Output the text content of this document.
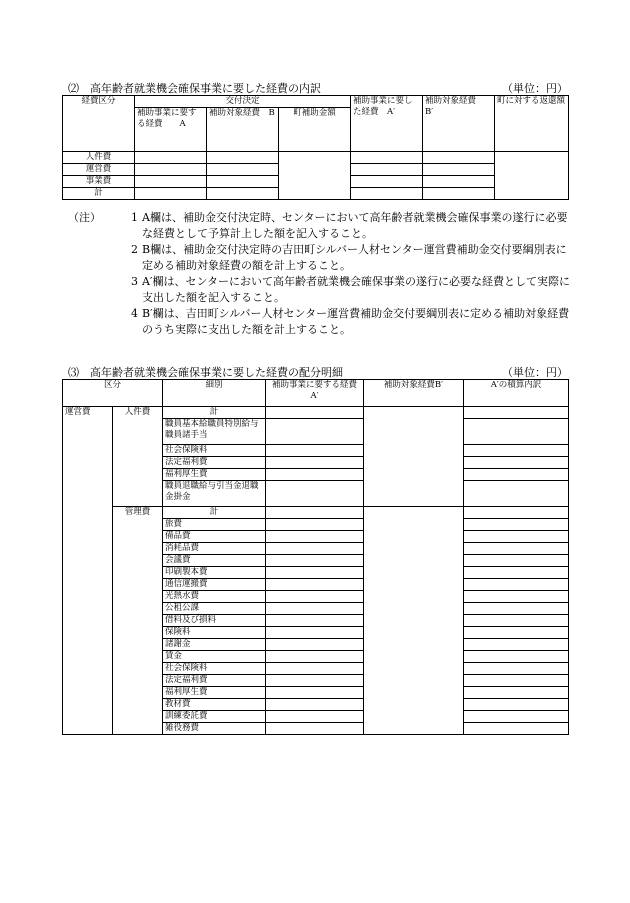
⑵　高年齢者就業機会確保事業に要した経費の内訳	（単位：円）
経費区分	交付決定			補助事業に要した経費　A′	補助対象経費　B′	町に対する返還額
	補助事業に要する経費　　A	補助対象経費　B	町補助金額			
人件費						
運営費						
事業費						
計						
（注）	1 A欄は、補助金交付決定時、センターにおいて高年齢者就業機会確保事業の遂行に必要な経費として予算計上した額を記入すること。
2 B欄は、補助金交付決定時の吉田町シルバー人材センター運営費補助金交付要綱別表に定める補助対象経費の額を計上すること。
3 A′欄は、センターにおいて高年齢者就業機会確保事業の遂行に必要な経費として実際に支出した額を記入すること。
4 B′欄は、吉田町シルバー人材センター運営費補助金交付要綱別表に定める補助対象経費のうち実際に支出した額を計上すること。
⑶　高年齢者就業機会確保事業に要した経費の配分明細	（単位：円）
区分		細別	補助事業に要する経費A′	補助対象経費B′	A′の積算内訳
運営費	人件費	計			
		職員基本給職員特別給与職員諸手当			
		社会保険料			
		法定福利費			
		福利厚生費			
		職員退職給与引当金退職金掛金			
	管理費	計			
		旅費			
		備品費			
		消耗品費			
		会議費			
		印刷製本費			
		通信運搬費			
		光熱水費			
		公租公課			
		借料及び損料			
		保険料			
		諸謝金			
		賃金			
		社会保険料			
		法定福利費			
		福利厚生費			
		教材費			
		訓練委託費			
		雑役務費			
